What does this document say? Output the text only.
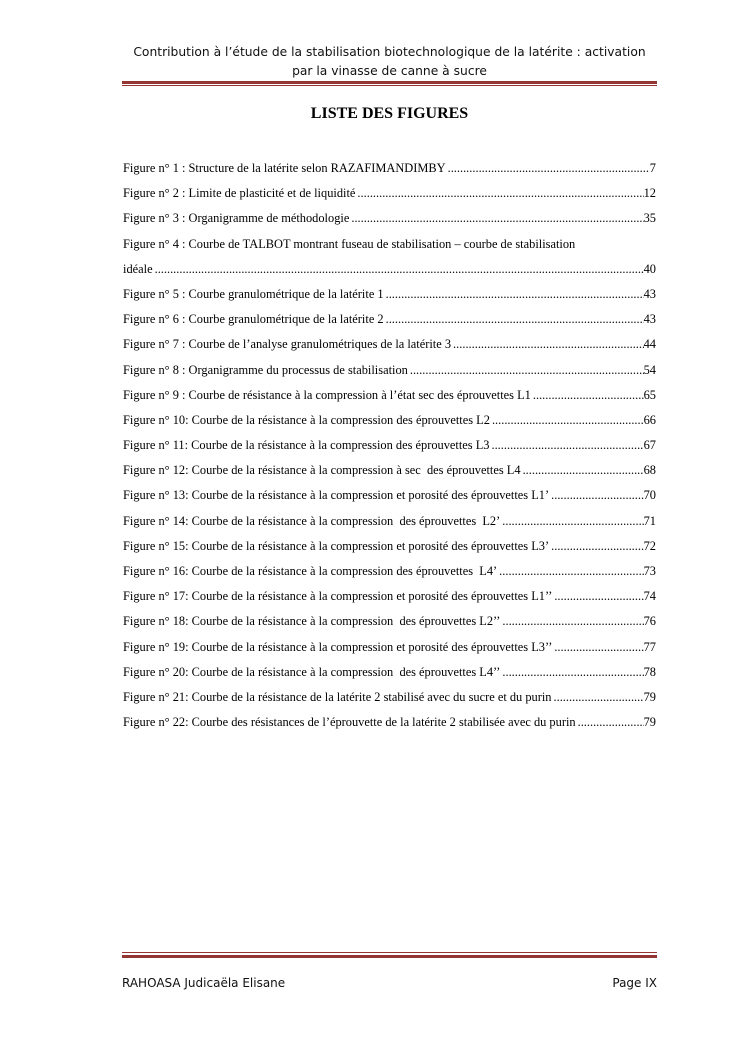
Contribution à l’étude de la stabilisation biotechnologique de la latérite : activation
par la vinasse de canne à sucre
LISTE DES FIGURES
Figure n° 1 : Structure de la latérite selon RAZAFIMANDIMBY .....	7
Figure n° 2 : Limite de plasticité et de liquidité .....	12
Figure n° 3 : Organigramme de méthodologie .....	35
Figure n° 4 : Courbe de TALBOT montrant fuseau de stabilisation – courbe de stabilisation
idéale .....	40
Figure n° 5 : Courbe granulométrique de la latérite 1 .....	43
Figure n° 6 : Courbe granulométrique de la latérite 2 .....	43
Figure n° 7 : Courbe de l’analyse granulométriques de la latérite 3 .....	44
Figure n° 8 : Organigramme du processus de stabilisation .....	54
Figure n° 9 : Courbe de résistance à la compression à l’état sec des éprouvettes L1 .....	65
Figure n° 10: Courbe de la résistance à la compression des éprouvettes L2 .....	66
Figure n° 11: Courbe de la résistance à la compression des éprouvettes L3 .....	67
Figure n° 12: Courbe de la résistance à la compression à sec  des éprouvettes L4 .....	68
Figure n° 13: Courbe de la résistance à la compression et porosité des éprouvettes L1’ .....	70
Figure n° 14: Courbe de la résistance à la compression  des éprouvettes  L2’ .....	71
Figure n° 15: Courbe de la résistance à la compression et porosité des éprouvettes L3’ .....	72
Figure n° 16: Courbe de la résistance à la compression des éprouvettes  L4’ .....	73
Figure n° 17: Courbe de la résistance à la compression et porosité des éprouvettes L1’’ .....	74
Figure n° 18: Courbe de la résistance à la compression  des éprouvettes L2’’ .....	76
Figure n° 19: Courbe de la résistance à la compression et porosité des éprouvettes L3’’ .....	77
Figure n° 20: Courbe de la résistance à la compression  des éprouvettes L4’’ .....	78
Figure n° 21: Courbe de la résistance de la latérite 2 stabilisé avec du sucre et du purin .....	79
Figure n° 22: Courbe des résistances de l’éprouvette de la latérite 2 stabilisée avec du purin .....	79
RAHOASA Judicaëla Elisane	Page IX
